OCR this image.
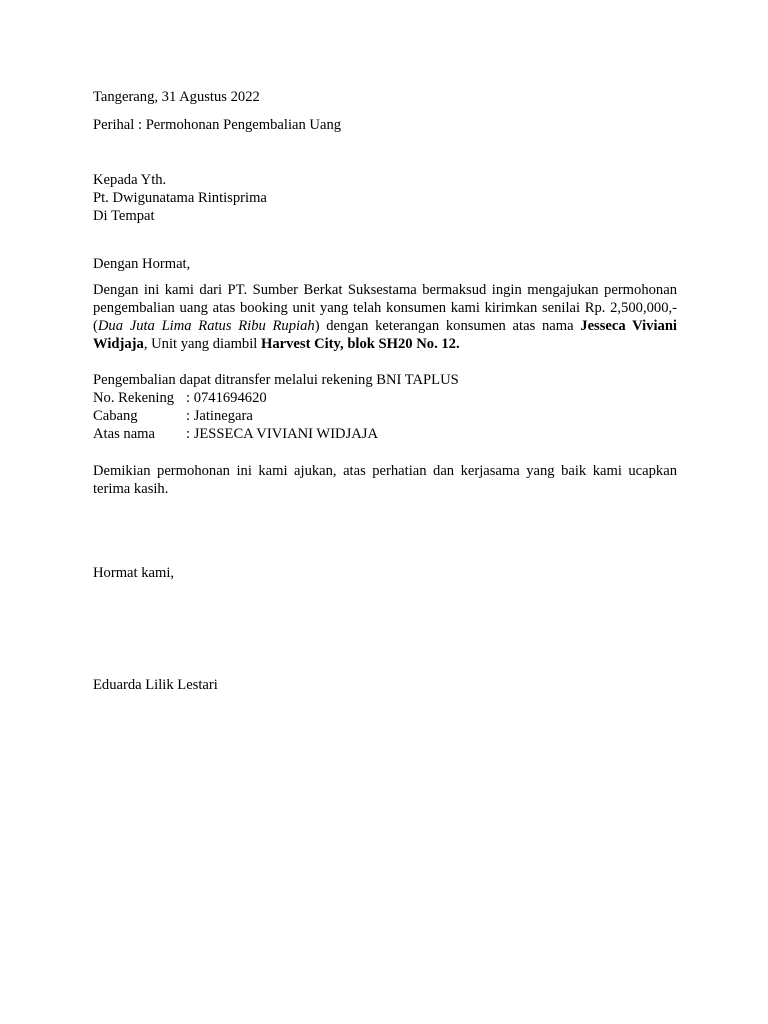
Tangerang, 31 Agustus 2022
Perihal : Permohonan Pengembalian Uang
Kepada Yth.
Pt. Dwigunatama Rintisprima
Di Tempat
Dengan Hormat,
Dengan ini kami dari PT. Sumber Berkat Suksestama bermaksud ingin mengajukan permohonan pengembalian uang atas booking unit yang telah konsumen kami kirimkan senilai Rp. 2,500,000,- (Dua Juta Lima Ratus Ribu Rupiah) dengan keterangan konsumen atas nama Jesseca Viviani Widjaja, Unit yang diambil Harvest City, blok SH20 No. 12.
Pengembalian dapat ditransfer melalui rekening BNI TAPLUS
No. Rekening : 0741694620
Cabang	: Jatinegara
Atas nama : JESSECA VIVIANI WIDJAJA
Demikian permohonan ini kami ajukan, atas perhatian dan kerjasama yang baik kami ucapkan terima kasih.
Hormat kami,
Eduarda Lilik Lestari
